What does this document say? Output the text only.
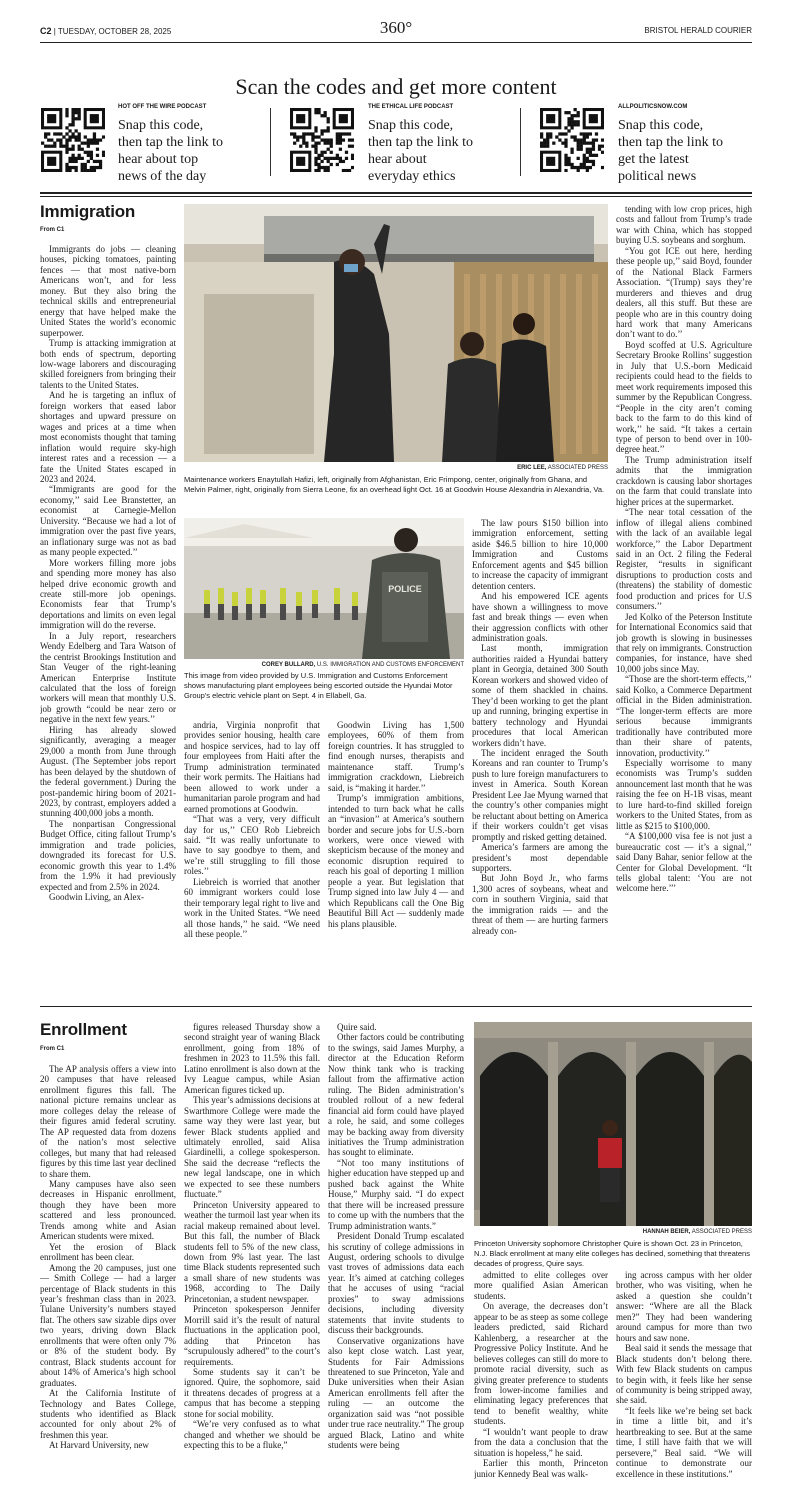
C2 | TUESDAY, OCTOBER 28, 2025	360°	BRISTOL HERALD COURIER
Scan the codes and get more content
HOT OFF THE WIRE PODCAST
Snap this code, then tap the link to hear about top news of the day
THE ETHICAL LIFE PODCAST
Snap this code, then tap the link to hear about everyday ethics
ALLPOLITICSNOW.COM
Snap this code, then tap the link to get the latest political news
Immigration
From C1

Immigrants do jobs — cleaning houses, picking tomatoes, painting fences — that most native-born Americans won’t, and for less money. But they also bring the technical skills and entrepreneurial energy that have helped make the United States the world’s economic superpower.

Trump is attacking immigration at both ends of spectrum, deporting low-wage laborers and discouraging skilled foreigners from bringing their talents to the United States.

And he is targeting an influx of foreign workers that eased labor shortages and upward pressure on wages and prices at a time when most economists thought that taming inflation would require sky-high interest rates and a recession — a fate the United States escaped in 2023 and 2024.

“Immigrants are good for the economy,’’ said Lee Branstetter, an economist at Carnegie-Mellon University. “Because we had a lot of immigration over the past five years, an inflationary surge was not as bad as many people expected.’’

More workers filling more jobs and spending more money has also helped drive economic growth and create still-more job openings. Economists fear that Trump’s deportations and limits on even legal immigration will do the reverse.

In a July report, researchers Wendy Edelberg and Tara Watson of the centrist Brookings Institution and Stan Veuger of the right-leaning American Enterprise Institute calculated that the loss of foreign workers will mean that monthly U.S. job growth “could be near zero or negative in the next few years.’’

Hiring has already slowed significantly, averaging a meager 29,000 a month from June through August. (The September jobs report has been delayed by the shutdown of the federal government.) During the post-pandemic hiring boom of 2021-2023, by contrast, employers added a stunning 400,000 jobs a month.

The nonpartisan Congressional Budget Office, citing fallout Trump’s immigration and trade policies, downgraded its forecast for U.S. economic growth this year to 1.4% from the 1.9% it had previously expected and from 2.5% in 2024.

Goodwin Living, an Alex-

ERIC LEE, ASSOCIATED PRESS
Maintenance workers Enaytullah Hafizi, left, originally from Afghanistan, Eric Frimpong, center, originally from Ghana, and Melvin Palmer, right, originally from Sierra Leone, fix an overhead light Oct. 16 at Goodwin House Alexandria in Alexandria, Va.
POLICE
COREY BULLARD, U.S. IMMIGRATION AND CUSTOMS ENFORCEMENT
This image from video provided by U.S. Immigration and Customs Enforcement shows manufacturing plant employees being escorted outside the Hyundai Motor Group's electric vehicle plant on Sept. 4 in Ellabell, Ga.

andria, Virginia nonprofit that provides senior housing, health care and hospice services, had to lay off four employees from Haiti after the Trump administration terminated their work permits. The Haitians had been allowed to work under a humanitarian parole program and had earned promotions at Goodwin.

“That was a very, very difficult day for us,’’ CEO Rob Liebreich said. “It was really unfortunate to have to say goodbye to them, and we’re still struggling to fill those roles.’’

Liebreich is worried that another 60 immigrant workers could lose their temporary legal right to live and work in the United States. “We need all those hands,’’ he said. “We need all these people.’’

Goodwin Living has 1,500 employees, 60% of them from foreign countries. It has struggled to find enough nurses, therapists and maintenance staff. Trump’s immigration crackdown, Liebreich said, is “making it harder.’’

Trump’s immigration ambitions, intended to turn back what he calls an “invasion’’ at America’s southern border and secure jobs for U.S.-born workers, were once viewed with skepticism because of the money and economic disruption required to reach his goal of deporting 1 million people a year. But legislation that Trump signed into law July 4 — and which Republicans call the One Big Beautiful Bill Act — suddenly made his plans plausible.

The law pours $150 billion into immigration enforcement, setting aside $46.5 billion to hire 10,000 Immigration and Customs Enforcement agents and $45 billion to increase the capacity of immigrant detention centers.

And his empowered ICE agents have shown a willingness to move fast and break things — even when their aggression conflicts with other administration goals.

Last month, immigration authorities raided a Hyundai battery plant in Georgia, detained 300 South Korean workers and showed video of some of them shackled in chains. They’d been working to get the plant up and running, bringing expertise in battery technology and Hyundai procedures that local American workers didn’t have.

The incident enraged the South Koreans and ran counter to Trump’s push to lure foreign manufacturers to invest in America. South Korean President Lee Jae Myung warned that the country’s other companies might be reluctant about betting on America if their workers couldn’t get visas promptly and risked getting detained.

America’s farmers are among the president’s most dependable supporters.

But John Boyd Jr., who farms 1,300 acres of soybeans, wheat and corn in southern Virginia, said that the immigration raids — and the threat of them — are hurting farmers already con-

tending with low crop prices, high costs and fallout from Trump’s trade war with China, which has stopped buying U.S. soybeans and sorghum.

“You got ICE out here, herding these people up,’’ said Boyd, founder of the National Black Farmers Association. “(Trump) says they’re murderers and thieves and drug dealers, all this stuff. But these are people who are in this country doing hard work that many Americans don’t want to do.’’

Boyd scoffed at U.S. Agriculture Secretary Brooke Rollins’ suggestion in July that U.S.-born Medicaid recipients could head to the fields to meet work requirements imposed this summer by the Republican Congress. “People in the city aren’t coming back to the farm to do this kind of work,’’ he said. “It takes a certain type of person to bend over in 100-degree heat.’’

The Trump administration itself admits that the immigration crackdown is causing labor shortages on the farm that could translate into higher prices at the supermarket.

“The near total cessation of the inflow of illegal aliens combined with the lack of an available legal workforce,’’ the Labor Department said in an Oct. 2 filing the Federal Register, “results in significant disruptions to production costs and (threatens) the stability of domestic food production and prices for U.S consumers.’’

Jed Kolko of the Peterson Institute for International Economics said that job growth is slowing in businesses that rely on immigrants. Construction companies, for instance, have shed 10,000 jobs since May.

“Those are the short-term effects,’’ said Kolko, a Commerce Department official in the Biden administration. “The longer-term effects are more serious because immigrants traditionally have contributed more than their share of patents, innovation, productivity.’’

Especially worrisome to many economists was Trump’s sudden announcement last month that he was raising the fee on H-1B visas, meant to lure hard-to-find skilled foreign workers to the United States, from as little as $215 to $100,000.

“A $100,000 visa fee is not just a bureaucratic cost — it’s a signal,’’ said Dany Bahar, senior fellow at the Center for Global Development. “It tells global talent: ‘You are not welcome here.’’’

Enrollment
From C1

The AP analysis offers a view into 20 campuses that have released enrollment figures this fall. The national picture remains unclear as more colleges delay the release of their figures amid federal scrutiny. The AP requested data from dozens of the nation’s most selective colleges, but many that had released figures by this time last year declined to share them.

Many campuses have also seen decreases in Hispanic enrollment, though they have been more scattered and less pronounced. Trends among white and Asian American students were mixed.

Yet the erosion of Black enrollment has been clear.

Among the 20 campuses, just one — Smith College — had a larger percentage of Black students in this year’s freshman class than in 2023. Tulane University’s numbers stayed flat. The others saw sizable dips over two years, driving down Black enrollments that were often only 7% or 8% of the student body. By contrast, Black students account for about 14% of America’s high school graduates.

At the California Institute of Technology and Bates College, students who identified as Black accounted for only about 2% of freshmen this year.

At Harvard University, new

figures released Thursday show a second straight year of waning Black enrollment, going from 18% of freshmen in 2023 to 11.5% this fall. Latino enrollment is also down at the Ivy League campus, while Asian American figures ticked up.

This year’s admissions decisions at Swarthmore College were made the same way they were last year, but fewer Black students applied and ultimately enrolled, said Alisa Giardinelli, a college spokesperson. She said the decrease “reflects the new legal landscape, one in which we expected to see these numbers fluctuate.”

Princeton University appeared to weather the turmoil last year when its racial makeup remained about level. But this fall, the number of Black students fell to 5% of the new class, down from 9% last year. The last time Black students represented such a small share of new students was 1968, according to The Daily Princetonian, a student newspaper.

Princeton spokesperson Jennifer Morrill said it’s the result of natural fluctuations in the application pool, adding that Princeton has “scrupulously adhered” to the court’s requirements.

Some students say it can’t be ignored. Quire, the sophomore, said it threatens decades of progress at a campus that has become a stepping stone for social mobility.

“We’re very confused as to what changed and whether we should be expecting this to be a fluke,”

Quire said.

Other factors could be contributing to the swings, said James Murphy, a director at the Education Reform Now think tank who is tracking fallout from the affirmative action ruling. The Biden administration’s troubled rollout of a new federal financial aid form could have played a role, he said, and some colleges may be backing away from diversity initiatives the Trump administration has sought to eliminate.

“Not too many institutions of higher education have stepped up and pushed back against the White House,” Murphy said. “I do expect that there will be increased pressure to come up with the numbers that the Trump administration wants.”

President Donald Trump escalated his scrutiny of college admissions in August, ordering schools to divulge vast troves of admissions data each year. It’s aimed at catching colleges that he accuses of using “racial proxies” to sway admissions decisions, including diversity statements that invite students to discuss their backgrounds.

Conservative organizations have also kept close watch. Last year, Students for Fair Admissions threatened to sue Princeton, Yale and Duke universities when their Asian American enrollments fell after the ruling — an outcome the organization said was “not possible under true race neutrality.” The group argued Black, Latino and white students were being

HANNAH BEIER, ASSOCIATED PRESS
Princeton University sophomore Christopher Quire is shown Oct. 23 in Princeton, N.J. Black enrollment at many elite colleges has declined, something that threatens decades of progress, Quire says.

admitted to elite colleges over more qualified Asian American students.

On average, the decreases don’t appear to be as steep as some college leaders predicted, said Richard Kahlenberg, a researcher at the Progressive Policy Institute. And he believes colleges can still do more to promote racial diversity, such as giving greater preference to students from lower-income families and eliminating legacy preferences that tend to benefit wealthy, white students.

“I wouldn’t want people to draw from the data a conclusion that the situation is hopeless,” he said.

Earlier this month, Princeton junior Kennedy Beal was walk-

ing across campus with her older brother, who was visiting, when he asked a question she couldn’t answer: “Where are all the Black men?” They had been wandering around campus for more than two hours and saw none.

Beal said it sends the message that Black students don’t belong there. With few Black students on campus to begin with, it feels like her sense of community is being stripped away, she said.

“It feels like we’re being set back in time a little bit, and it’s heartbreaking to see. But at the same time, I still have faith that we will persevere,” Beal said. “We will continue to demonstrate our excellence in these institutions.”
